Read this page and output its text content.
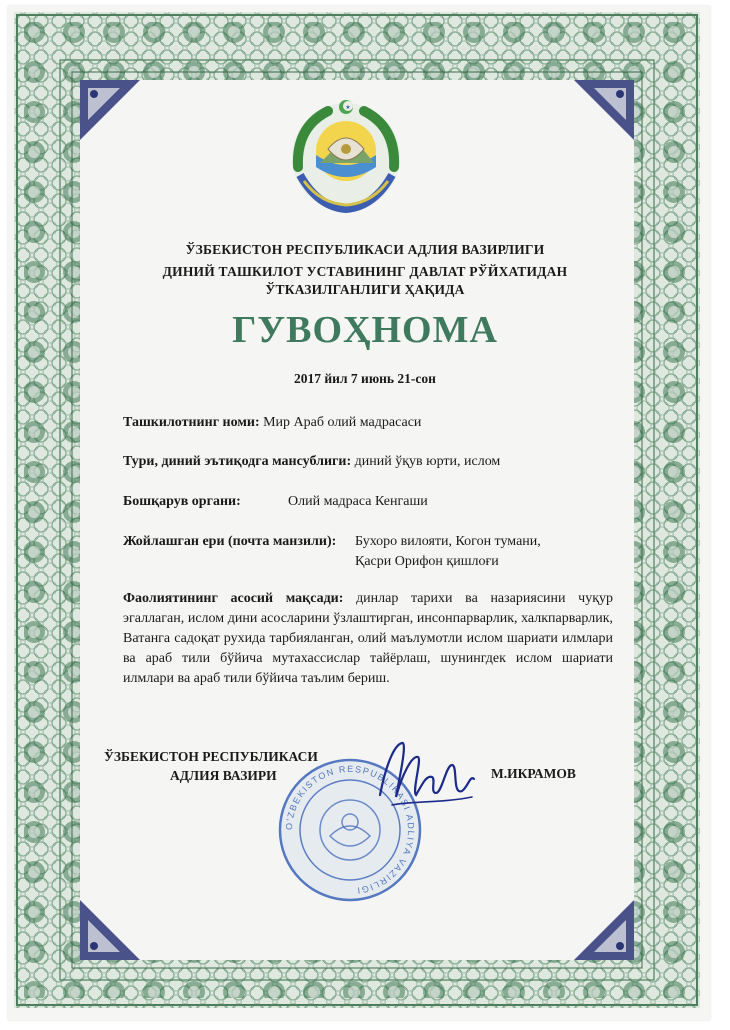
★
ЎЗБЕКИСТОН РЕСПУБЛИКАСИ АДЛИЯ ВАЗИРЛИГИ
ДИНИЙ ТАШКИЛОТ УСТАВИНИНГ ДАВЛАТ РЎЙХАТИДАН
ЎТКАЗИЛГАНЛИГИ ҲАҚИДА
ГУВОҲНОМА
2017 йил 7 июнь 21-сон
Ташкилотнинг номи: Мир Араб олий мадрасаси
Тури, диний эътиқодга мансублиги: диний ўқув юрти, ислом
Бошқарув органи:	Олий мадраса Кенгаши
Жойлашган ери (почта манзили): Бухоро вилояти, Когон тумани,
Қасри Орифон қишлоғи
Фаолиятининг асосий мақсади: динлар тарихи ва назариясини чуқур эгаллаган, ислом дини асосларини ўзлаштирган, инсонпарварлик, халкпарварлик, Ватанга садоқат рухида тарбияланган, олий маълумотли ислом шариати илмлари ва араб тили бўйича мутахассислар тайёрлаш, шунингдек ислом шариати илмлари ва араб тили бўйича таълим бериш.
ЎЗБЕКИСТОН РЕСПУБЛИКАСИ
АДЛИЯ ВАЗИРИ
O'ZBEKISTON RESPUBLIKASI ADLIYA VAZIRLIGI
М.ИКРАМОВ
